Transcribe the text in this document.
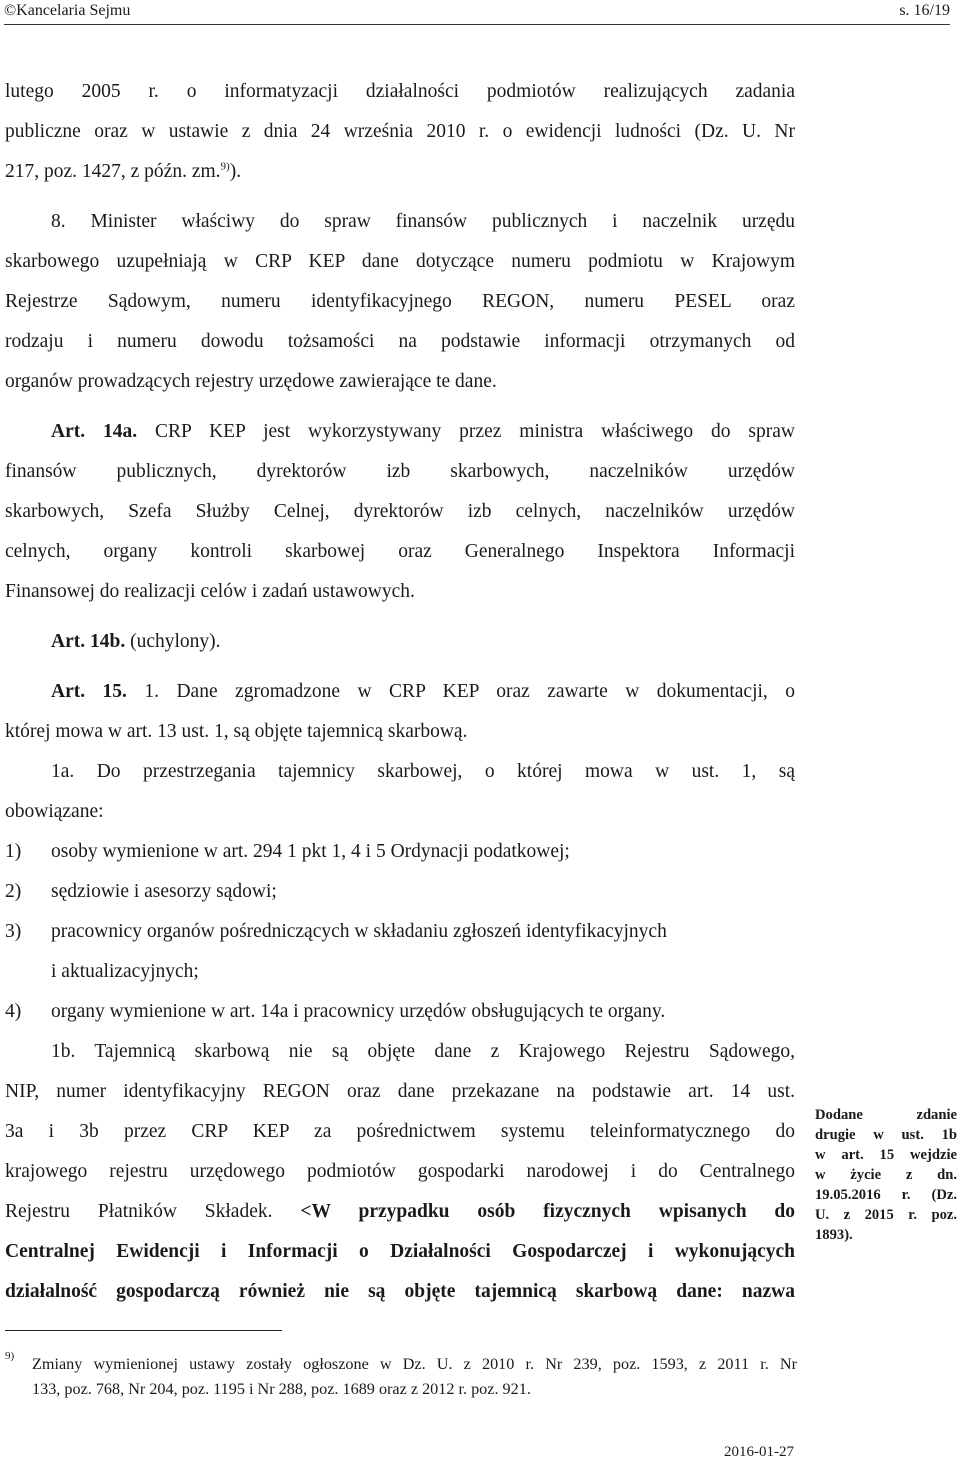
©Kancelaria Sejmu	s. 16/19
lutego 2005 r. o informatyzacji działalności podmiotów realizujących zadania
publiczne oraz w ustawie z dnia 24 września 2010 r. o ewidencji ludności (Dz. U. Nr
217, poz. 1427, z późn. zm.$^{9)}$).
8. Minister właściwy do spraw finansów publicznych i naczelnik urzędu
skarbowego uzupełniają w CRP KEP dane dotyczące numeru podmiotu w Krajowym
Rejestrze Sądowym, numeru identyfikacyjnego REGON, numeru PESEL oraz
rodzaju i numeru dowodu tożsamości na podstawie informacji otrzymanych od
organów prowadzących rejestry urzędowe zawierające te dane.
Art. 14a. CRP KEP jest wykorzystywany przez ministra właściwego do spraw
finansów publicznych, dyrektorów izb skarbowych, naczelników urzędów
skarbowych, Szefa Służby Celnej, dyrektorów izb celnych, naczelników urzędów
celnych, organy kontroli skarbowej oraz Generalnego Inspektora Informacji
Finansowej do realizacji celów i zadań ustawowych.
Art. 14b. (uchylony).
Art. 15. 1. Dane zgromadzone w CRP KEP oraz zawarte w dokumentacji, o
której mowa w art. 13 ust. 1, są objęte tajemnicą skarbową.
1a. Do przestrzegania tajemnicy skarbowej, o której mowa w ust. 1, są
obowiązane:
1) osoby wymienione w art. 294 1 pkt 1, 4 i 5 Ordynacji podatkowej;
2) sędziowie i asesorzy sądowi;
3) pracownicy organów pośredniczących w składaniu zgłoszeń identyfikacyjnych
i aktualizacyjnych;
4) organy wymienione w art. 14a i pracownicy urzędów obsługujących te organy.
1b. Tajemnicą skarbową nie są objęte dane z Krajowego Rejestru Sądowego,
NIP, numer identyfikacyjny REGON oraz dane przekazane na podstawie art. 14 ust.
3a i 3b przez CRP KEP za pośrednictwem systemu teleinformatycznego do
krajowego rejestru urzędowego podmiotów gospodarki narodowej i do Centralnego
Rejestru Płatników Składek. <W przypadku osób fizycznych wpisanych do
Centralnej Ewidencji i Informacji o Działalności Gospodarczej i wykonujących
działalność gospodarczą również nie są objęte tajemnicą skarbową dane: nazwa
Dodane zdanie
drugie w ust. 1b
w art. 15 wejdzie
w życie z dn.
19.05.2016 r. (Dz.
U. z 2015 r. poz.
1893).
9) Zmiany wymienionej ustawy zostały ogłoszone w Dz. U. z 2010 r. Nr 239, poz. 1593, z 2011 r. Nr
133, poz. 768, Nr 204, poz. 1195 i Nr 288, poz. 1689 oraz z 2012 r. poz. 921.
2016-01-27
